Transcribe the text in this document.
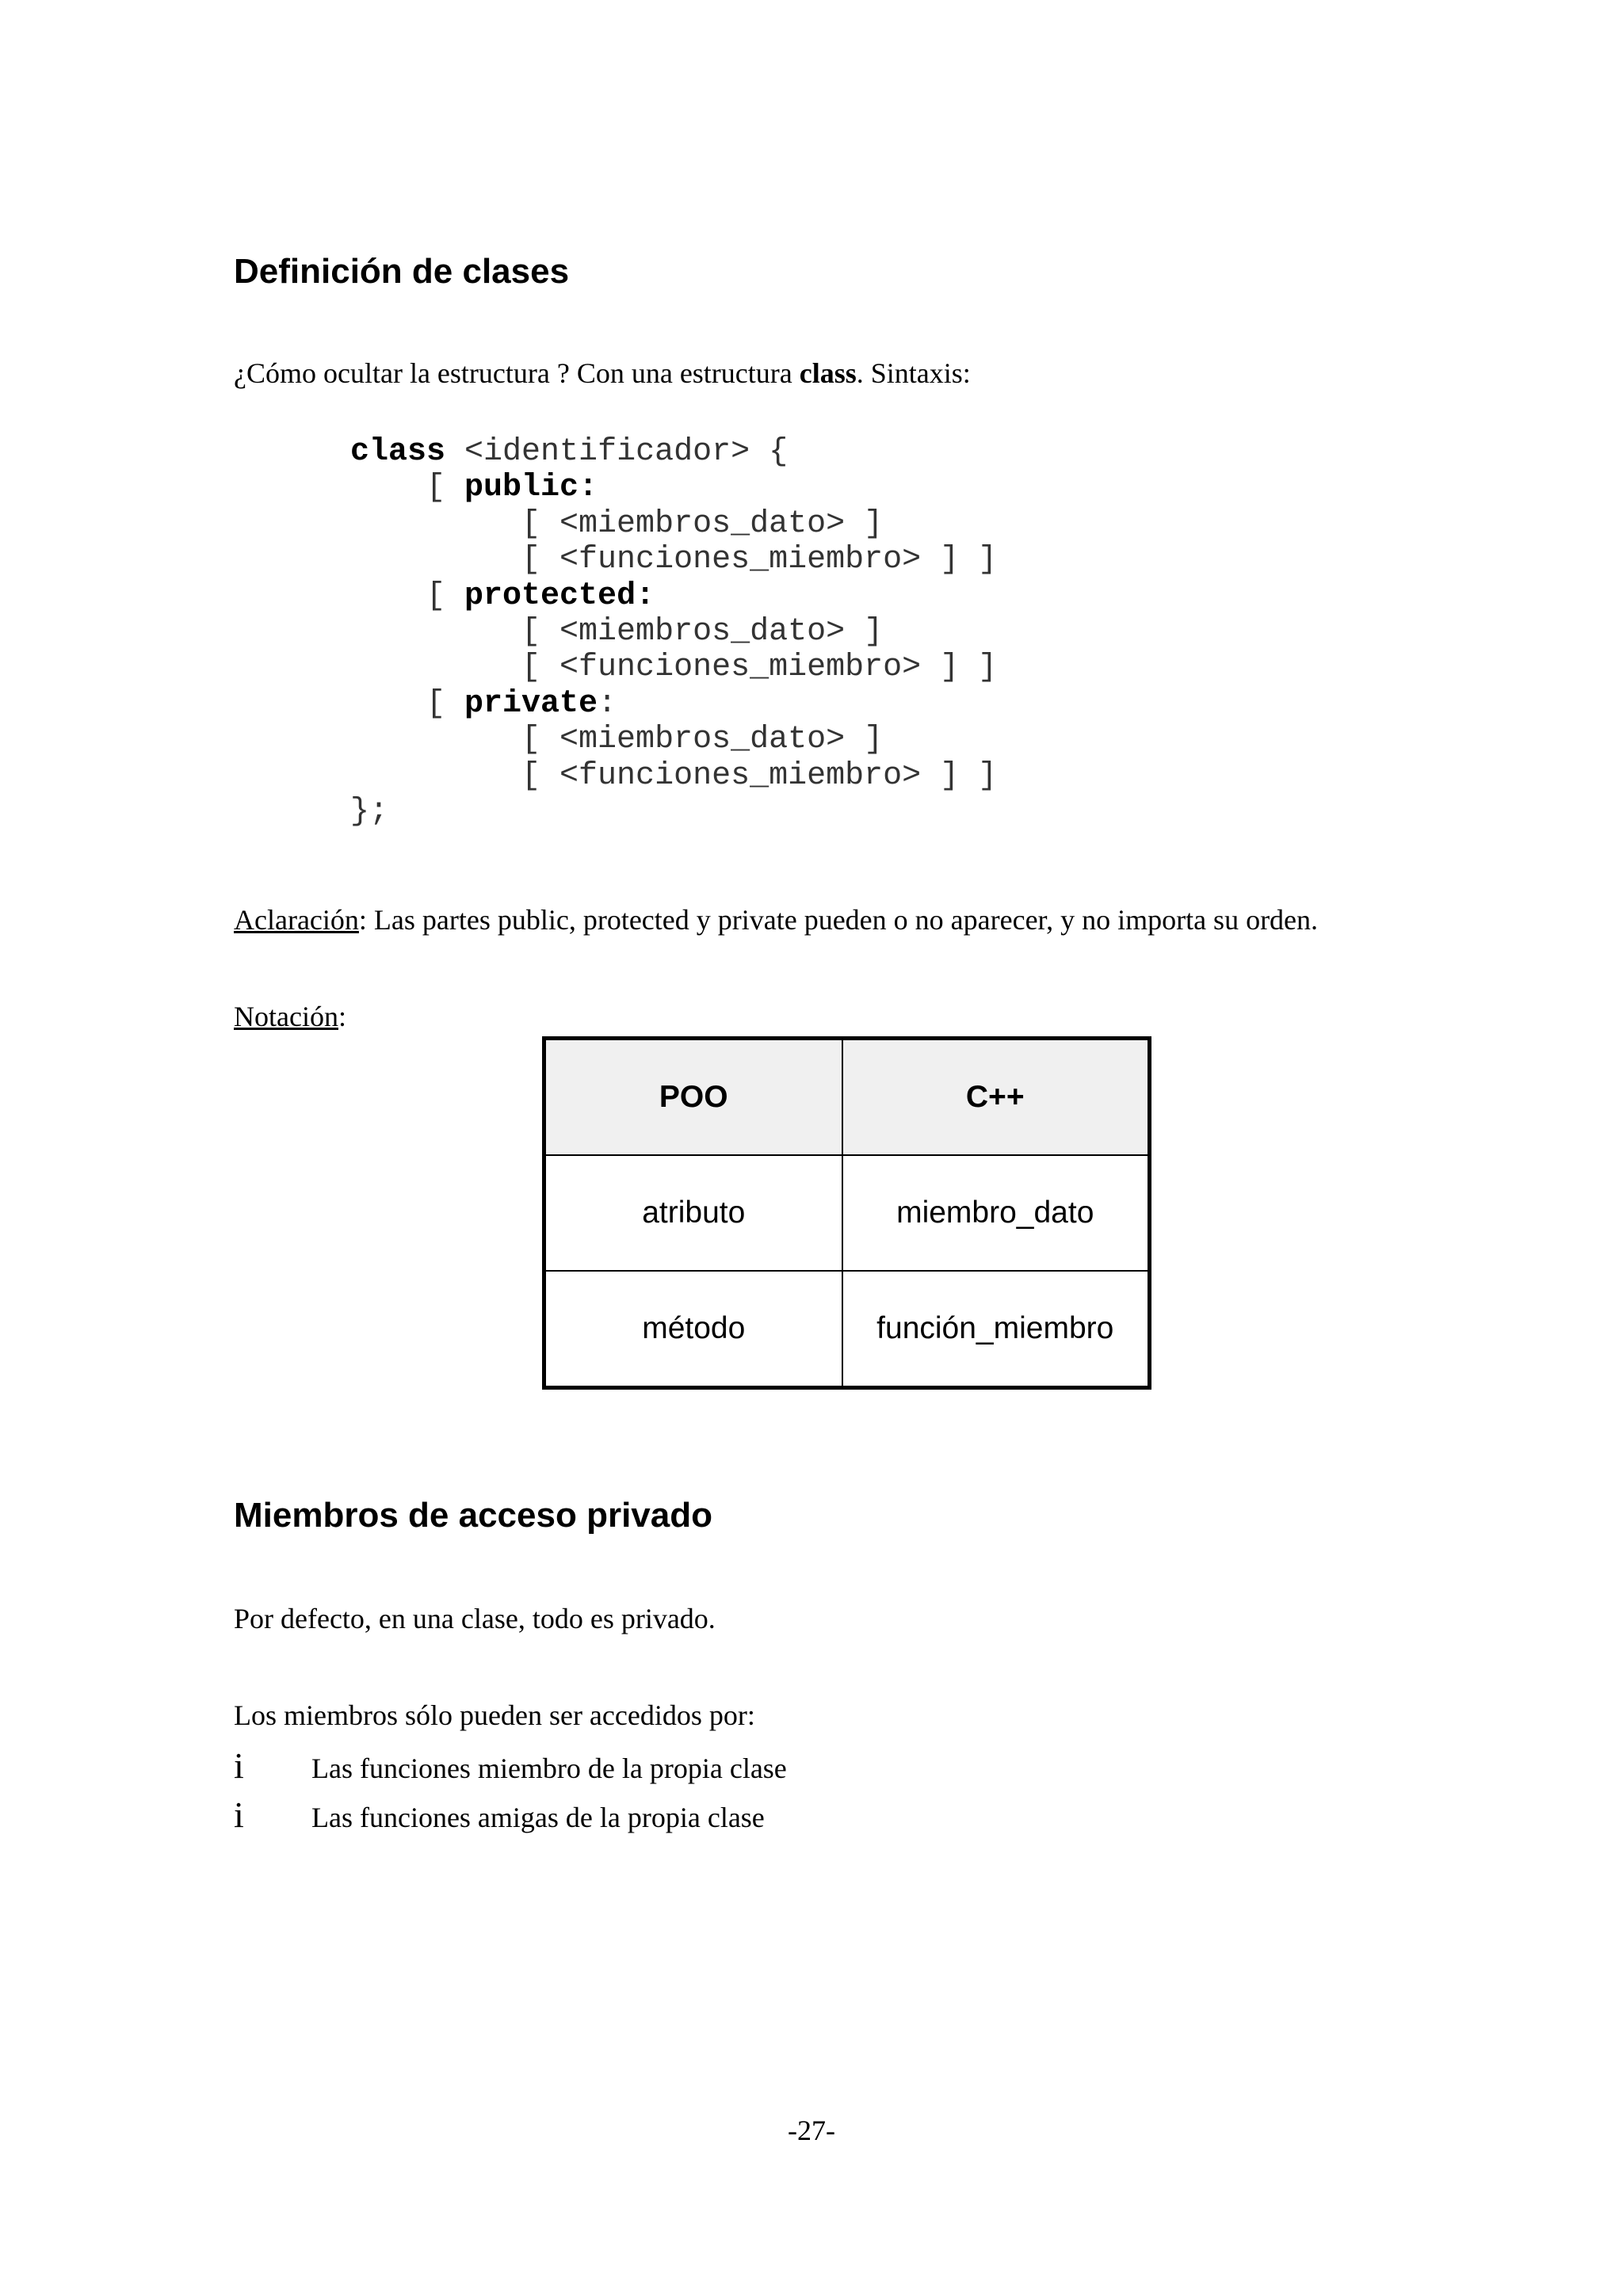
Definición de clases

¿Cómo ocultar la estructura ? Con una estructura class. Sintaxis:

class <identificador> {
[ public:
[ <miembros_dato> ]
[ <funciones_miembro> ] ]
[ protected:
[ <miembros_dato> ]
[ <funciones_miembro> ] ]
[ private:
[ <miembros_dato> ]
[ <funciones_miembro> ] ]
};

Aclaración: Las partes public, protected y private pueden o no aparecer, y no importa su orden.

Notación:

POO	C++
atributo	miembro_dato
método	función_miembro
Miembros de acceso privado

Por defecto, en una clase, todo es privado.

Los miembros sólo pueden ser accedidos por:

i Las funciones miembro de la propia clase
i Las funciones amigas de la propia clase

-27-
